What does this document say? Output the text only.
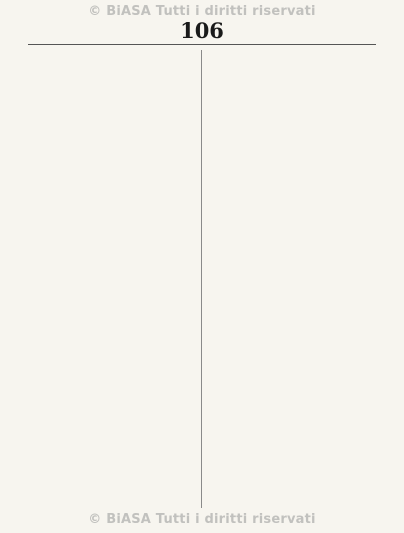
© BiASA Tutti i diritti riservati
106
© BiASA Tutti i diritti riservati
